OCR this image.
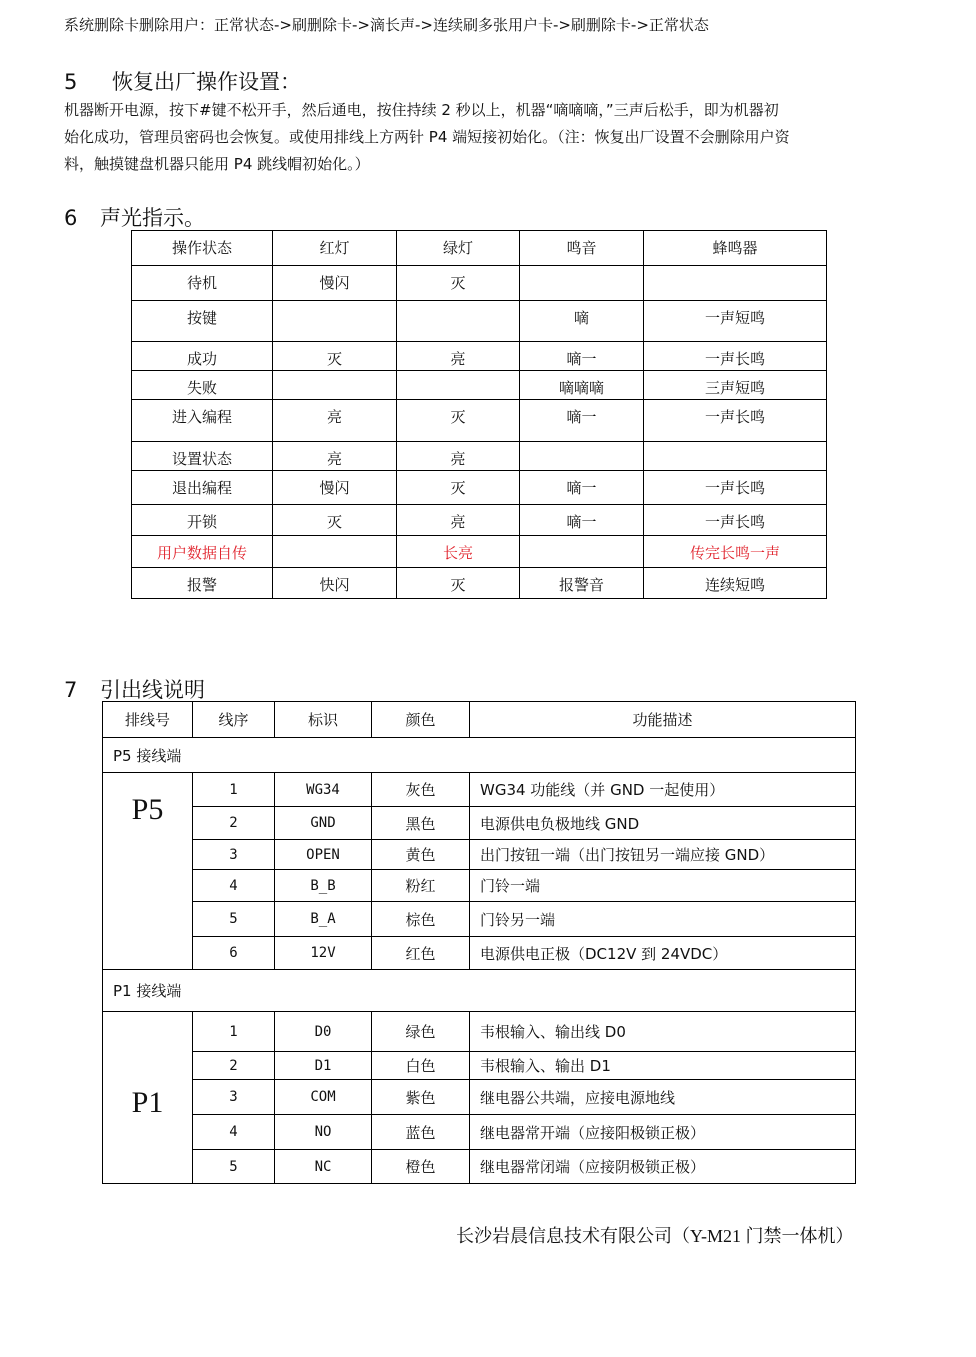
系统删除卡删除用户：正常状态->刷删除卡->滴长声->连续刷多张用户卡->刷删除卡->正常状态
5 恢复出厂操作设置：

机器断开电源，按下#键不松开手，然后通电，按住持续 2 秒以上，机器“嘀嘀嘀，”三声后松手，即为机器初

始化成功，管理员密码也会恢复。或使用排线上方两针 P4 端短接初始化。（注：恢复出厂设置不会删除用户资

料，触摸键盘机器只能用 P4 跳线帽初始化。）

6 声光指示。
操作状态	红灯	绿灯	鸣音	蜂鸣器
待机	慢闪	灭		
按键			嘀	一声短鸣
成功	灭	亮	嘀一	一声长鸣
失败			嘀嘀嘀	三声短鸣
进入编程	亮	灭	嘀一	一声长鸣
设置状态	亮	亮		
退出编程	慢闪	灭	嘀一	一声长鸣
开锁	灭	亮	嘀一	一声长鸣
用户数据自传		长亮		传完长鸣一声
报警	快闪	灭	报警音	连续短鸣
7 引出线说明
排线号	线序	标识	颜色	功能描述
P5 接线端				
P5	1	WG34	灰色	WG34 功能线（并 GND 一起使用）
	2	GND	黑色	电源供电负极地线 GND
	3	OPEN	黄色	出门按钮一端（出门按钮另一端应接 GND）
	4	B_B	粉红	门铃一端
	5	B_A	棕色	门铃另一端
	6	12V	红色	电源供电正极（DC12V 到 24VDC）
P1 接线端				
P1	1	D0	绿色	韦根输入、输出线 D0
	2	D1	白色	韦根输入、输出 D1
	3	COM	紫色	继电器公共端，应接电源地线
	4	NO	蓝色	继电器常开端（应接阳极锁正极）
	5	NC	橙色	继电器常闭端（应接阴极锁正极）
长沙岩晨信息技术有限公司（Y-M21 门禁一体机）
